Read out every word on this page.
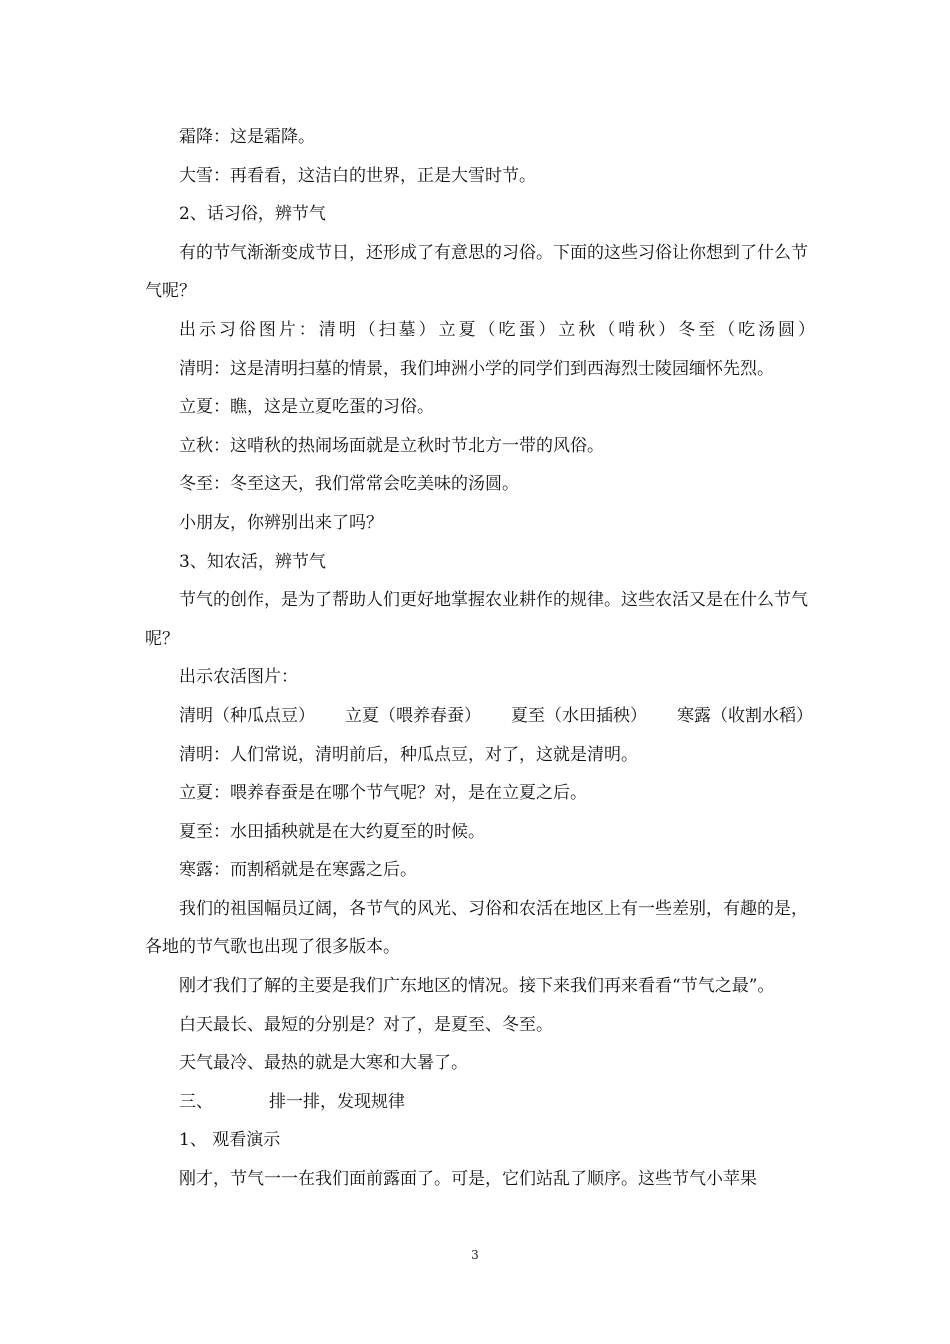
霜降：这是霜降。

大雪：再看看，这洁白的世界，正是大雪时节。

2、话习俗，辨节气

有的节气渐渐变成节日，还形成了有意思的习俗。下面的这些习俗让你想到了什么节气呢？

出示习俗图片：清明（扫墓）立夏（吃蛋）立秋（啃秋）冬至（吃汤圆）

清明：这是清明扫墓的情景，我们坤洲小学的同学们到西海烈士陵园缅怀先烈。

立夏：瞧，这是立夏吃蛋的习俗。

立秋：这啃秋的热闹场面就是立秋时节北方一带的风俗。

冬至：冬至这天，我们常常会吃美味的汤圆。

小朋友，你辨别出来了吗？

3、知农活，辨节气

节气的创作，是为了帮助人们更好地掌握农业耕作的规律。这些农活又是在什么节气呢？

出示农活图片：

清明（种瓜点豆） 立夏（喂养春蚕） 夏至（水田插秧） 寒露（收割水稻）

清明：人们常说，清明前后，种瓜点豆，对了，这就是清明。

立夏：喂养春蚕是在哪个节气呢？对，是在立夏之后。

夏至：水田插秧就是在大约夏至的时候。

寒露：而割稻就是在寒露之后。

我们的祖国幅员辽阔，各节气的风光、习俗和农活在地区上有一些差别，有趣的是，各地的节气歌也出现了很多版本。

刚才我们了解的主要是我们广东地区的情况。接下来我们再来看看“节气之最”。

白天最长、最短的分别是？对了，是夏至、冬至。

天气最冷、最热的就是大寒和大暑了。

三、	排一排，发现规律

1、 观看演示

刚才，节气一一在我们面前露面了。可是，它们站乱了顺序。这些节气小苹果

3
